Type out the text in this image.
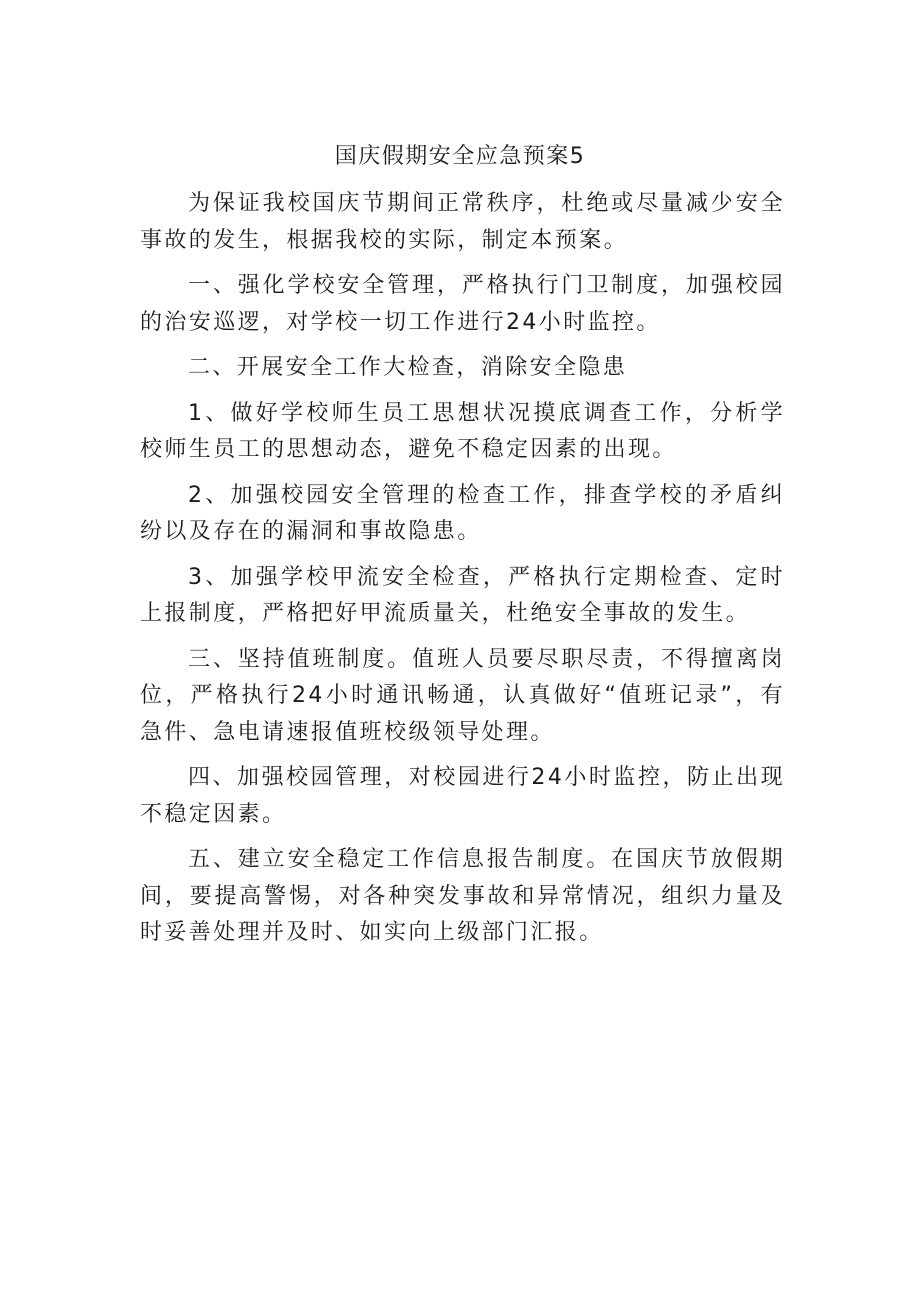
国庆假期安全应急预案5

为保证我校国庆节期间正常秩序，杜绝或尽量减少安全事故的发生，根据我校的实际，制定本预案。

一、强化学校安全管理，严格执行门卫制度，加强校园的治安巡逻，对学校一切工作进行24小时监控。

二、开展安全工作大检查，消除安全隐患

1、做好学校师生员工思想状况摸底调查工作，分析学校师生员工的思想动态，避免不稳定因素的出现。

2、加强校园安全管理的检查工作，排查学校的矛盾纠纷以及存在的漏洞和事故隐患。

3、加强学校甲流安全检查，严格执行定期检查、定时上报制度，严格把好甲流质量关，杜绝安全事故的发生。

三、坚持值班制度。值班人员要尽职尽责，不得擅离岗位，严格执行24小时通讯畅通，认真做好“值班记录”，有急件、急电请速报值班校级领导处理。

四、加强校园管理，对校园进行24小时监控，防止出现不稳定因素。

五、建立安全稳定工作信息报告制度。在国庆节放假期间，要提高警惕，对各种突发事故和异常情况，组织力量及时妥善处理并及时、如实向上级部门汇报。
